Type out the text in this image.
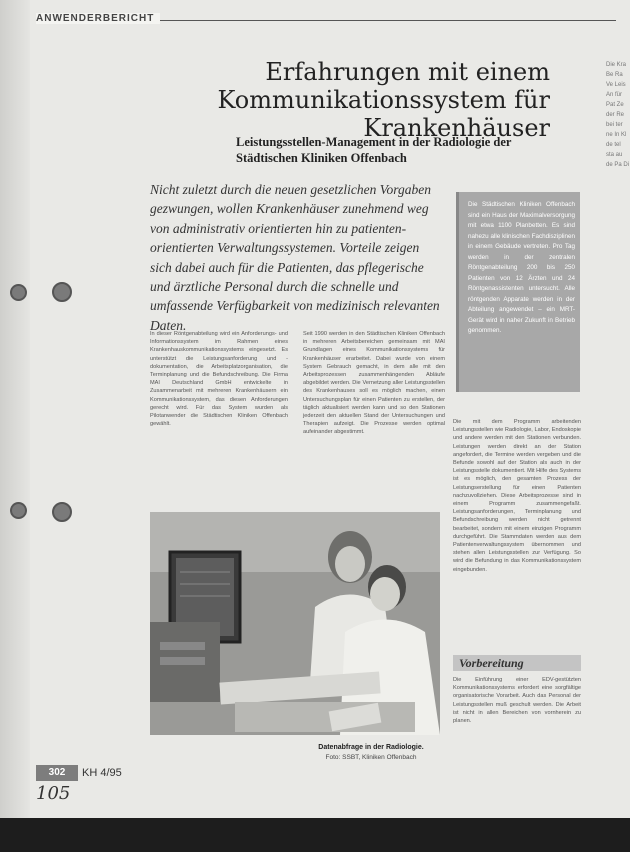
ANWENDERBERICHT
Erfahrungen mit einem
Kommunikationssystem für Krankenhäuser
Leistungsstellen-Management in der Radiologie der
Städtischen Kliniken Offenbach
Nicht zuletzt durch die neuen gesetzlichen Vorgaben gezwungen, wollen Krankenhäuser zunehmend weg von administrativ orientierten hin zu patienten-orientierten Verwaltungssystemen. Vorteile zeigen sich dabei auch für die Patienten, das pflegerische und ärztliche Personal durch die schnelle und umfassende Verfügbarkeit von medizinisch relevanten Daten.
Die Städtischen Kliniken Offenbach sind ein Haus der Maximalversorgung mit etwa 1100 Planbetten. Es sind nahezu alle klinischen Fachdisziplinen in einem Gebäude vertreten. Pro Tag werden in der zentralen Röntgenabteilung 200 bis 250 Patienten von 12 Ärzten und 24 Röntgenassistenten untersucht. Alle röntgenden Apparate werden in der Abteilung angewendet – ein MRT-Gerät wird in naher Zukunft in Betrieb genommen.
In dieser Röntgenabteilung wird ein Anforderungs- und Informationssystem im Rahmen eines Krankenhauskommunikationssystems eingesetzt. Es unterstützt die Leistungsanforderung und -dokumentation, die Arbeitsplatzorganisation, die Terminplanung und die Befundschreibung. Die Firma MAI Deutschland GmbH entwickelte in Zusammenarbeit mit mehreren Krankenhäusern ein Kommunikationssystem, das diesen Anforderungen gerecht wird. Für das System wurden als Pilotanwender die Städtischen Kliniken Offenbach gewählt.
Seit 1990 werden in den Städtischen Kliniken Offenbach in mehreren Arbeitsbereichen gemeinsam mit MAI Grundlagen eines Kommunikationssystems für Krankenhäuser erarbeitet. Dabei wurde von einem System Gebrauch gemacht, in dem alle mit den Arbeitsprozessen zusammenhängenden Abläufe abgebildet werden. Die Vernetzung aller Leistungsstellen des Krankenhauses soll es möglich machen, einen Untersuchungsplan für einen Patienten zu erstellen, der täglich aktualisiert werden kann und so den Stationen jederzeit den aktuellen Stand der Untersuchungen und Therapien aufzeigt. Die Prozesse werden optimal aufeinander abgestimmt.
Die mit dem Programm arbeitenden Leistungsstellen wie Radiologie, Labor, Endoskopie und andere werden mit den Stationen verbunden. Leistungen werden direkt an der Station angefordert, die Termine werden vergeben und die Befunde sowohl auf der Station als auch in der Leistungsstelle dokumentiert. Mit Hilfe des Systems ist es möglich, den gesamten Prozess der Leistungserstellung für einen Patienten nachzuvollziehen. Diese Arbeitsprozesse sind in einem Programm zusammengefaßt. Leistungsanforderungen, Terminplanung und Befundschreibung werden nicht getrennt bearbeitet, sondern mit einem einzigen Programm durchgeführt. Die Stammdaten werden aus dem Patientenverwaltungssystem übernommen und stehen allen Leistungsstellen zur Verfügung. So wird die Befundung in das Kommunikationssystem eingebunden.
Vorbereitung
Die Einführung einer EDV-gestützten Kommunikationssystems erfordert eine sorgfältige organisatorische Vorarbeit. Auch das Personal der Leistungsstellen muß geschult werden. Die Arbeit ist nicht in allen Bereichen von vornherein zu planen.
Datenabfrage in der Radiologie.
Foto: SSBT, Kliniken Offenbach
302	KH 4/95
105
Die Kra Be Ra Ve Leis An für Pat Ze der Re bei ter ne In Kl de tel sta au de Pa Di
